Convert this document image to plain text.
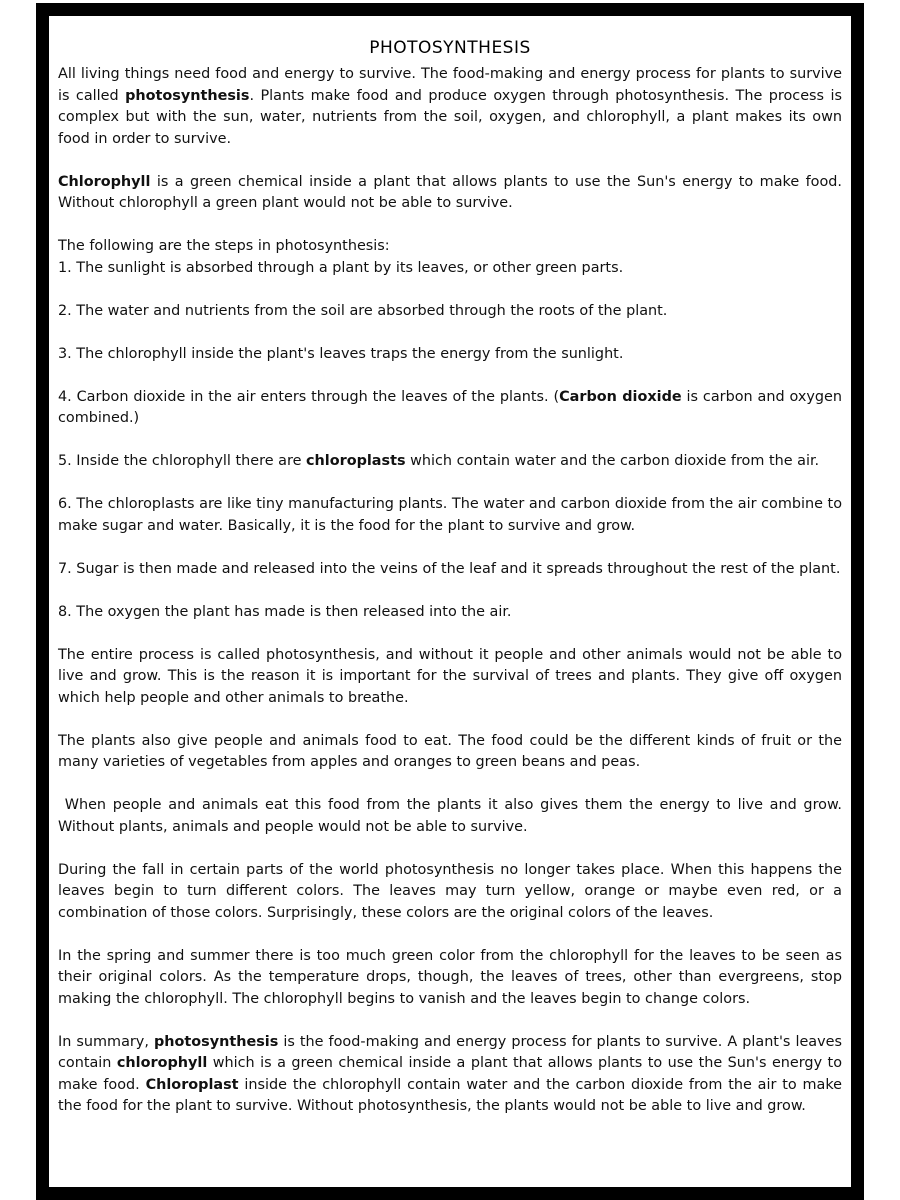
PHOTOSYNTHESIS

All living things need food and energy to survive. The food-making and energy process for plants to survive is called photosynthesis. Plants make food and produce oxygen through photosynthesis. The process is complex but with the sun, water, nutrients from the soil, oxygen, and chlorophyll, a plant makes its own food in order to survive.

Chlorophyll is a green chemical inside a plant that allows plants to use the Sun's energy to make food. Without chlorophyll a green plant would not be able to survive.

The following are the steps in photosynthesis:

1. The sunlight is absorbed through a plant by its leaves, or other green parts.

2. The water and nutrients from the soil are absorbed through the roots of the plant.

3. The chlorophyll inside the plant's leaves traps the energy from the sunlight.

4. Carbon dioxide in the air enters through the leaves of the plants. (Carbon dioxide is carbon and oxygen combined.)

5. Inside the chlorophyll there are chloroplasts which contain water and the carbon dioxide from the air.

6. The chloroplasts are like tiny manufacturing plants. The water and carbon dioxide from the air combine to make sugar and water. Basically, it is the food for the plant to survive and grow.

7. Sugar is then made and released into the veins of the leaf and it spreads throughout the rest of the plant.

8. The oxygen the plant has made is then released into the air.

The entire process is called photosynthesis, and without it people and other animals would not be able to live and grow. This is the reason it is important for the survival of trees and plants. They give off oxygen which help people and other animals to breathe.

The plants also give people and animals food to eat. The food could be the different kinds of fruit or the many varieties of vegetables from apples and oranges to green beans and peas.

When people and animals eat this food from the plants it also gives them the energy to live and grow. Without plants, animals and people would not be able to survive.

During the fall in certain parts of the world photosynthesis no longer takes place. When this happens the leaves begin to turn different colors. The leaves may turn yellow, orange or maybe even red, or a combination of those colors. Surprisingly, these colors are the original colors of the leaves.

In the spring and summer there is too much green color from the chlorophyll for the leaves to be seen as their original colors. As the temperature drops, though, the leaves of trees, other than evergreens, stop making the chlorophyll. The chlorophyll begins to vanish and the leaves begin to change colors.

In summary, photosynthesis is the food-making and energy process for plants to survive. A plant's leaves contain chlorophyll which is a green chemical inside a plant that allows plants to use the Sun's energy to make food. Chloroplast inside the chlorophyll contain water and the carbon dioxide from the air to make the food for the plant to survive. Without photosynthesis, the plants would not be able to live and grow.
